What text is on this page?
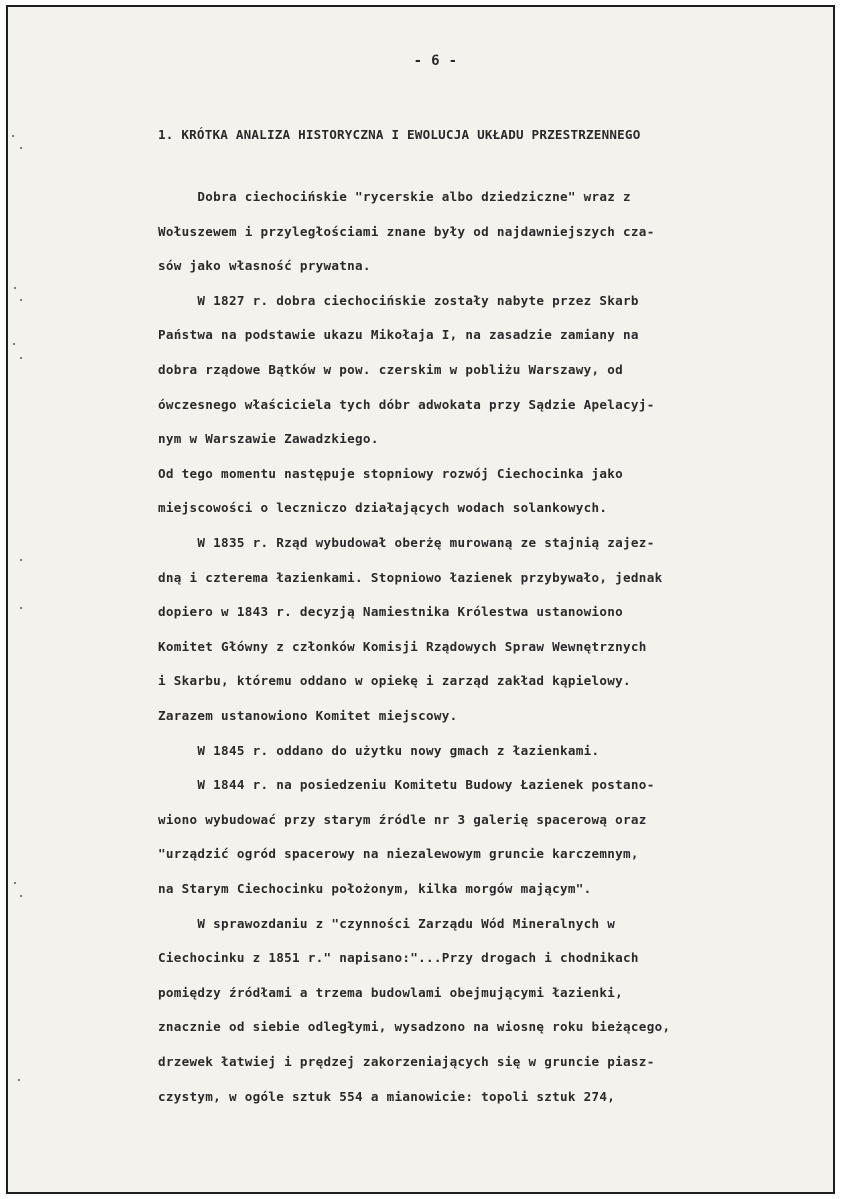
- 6 -
1. KRÓTKA ANALIZA HISTORYCZNA I EWOLUCJA UKŁADU PRZESTRZENNEGO
Dobra ciechocińskie "rycerskie albo dziedziczne" wraz z
Wołuszewem i przyległościami znane były od najdawniejszych cza-
sów jako własność prywatna.
W 1827 r. dobra ciechocińskie zostały nabyte przez Skarb
Państwa na podstawie ukazu Mikołaja I, na zasadzie zamiany na
dobra rządowe Bątków w pow. czerskim w pobliżu Warszawy, od
ówczesnego właściciela tych dóbr adwokata przy Sądzie Apelacyj-
nym w Warszawie Zawadzkiego.
Od tego momentu następuje stopniowy rozwój Ciechocinka jako
miejscowości o leczniczo działających wodach solankowych.
W 1835 r. Rząd wybudował oberżę murowaną ze stajnią zajez-
dną i czterema łazienkami. Stopniowo łazienek przybywało, jednak
dopiero w 1843 r. decyzją Namiestnika Królestwa ustanowiono
Komitet Główny z członków Komisji Rządowych Spraw Wewnętrznych
i Skarbu, któremu oddano w opiekę i zarząd zakład kąpielowy.
Zarazem ustanowiono Komitet miejscowy.
W 1845 r. oddano do użytku nowy gmach z łazienkami.
W 1844 r. na posiedzeniu Komitetu Budowy Łazienek postano-
wiono wybudować przy starym źródle nr 3 galerię spacerową oraz
"urządzić ogród spacerowy na niezalewowym gruncie karczemnym,
na Starym Ciechocinku położonym, kilka morgów mającym".
W sprawozdaniu z "czynności Zarządu Wód Mineralnych w
Ciechocinku z 1851 r." napisano:"...Przy drogach i chodnikach
pomiędzy źródłami a trzema budowlami obejmującymi łazienki,
znacznie od siebie odległymi, wysadzono na wiosnę roku bieżącego,
drzewek łatwiej i prędzej zakorzeniających się w gruncie piasz-
czystym, w ogóle sztuk 554 a mianowicie: topoli sztuk 274,
